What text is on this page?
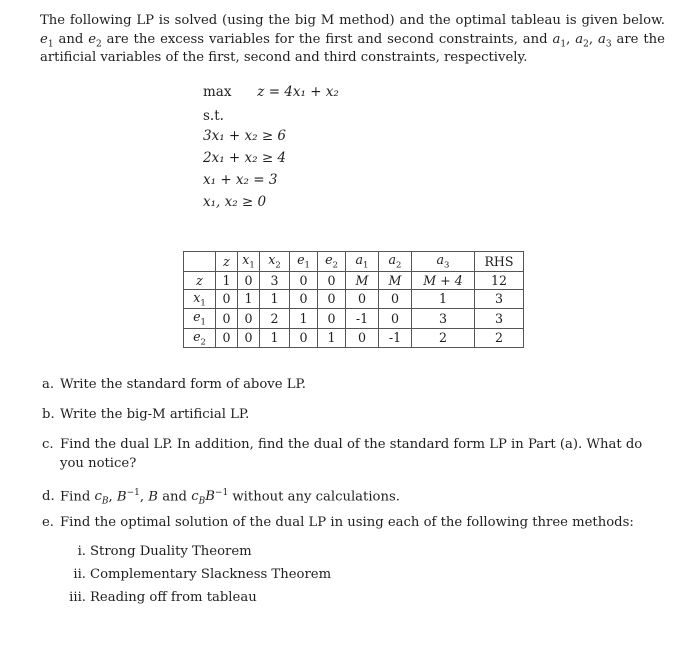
The following LP is solved (using the big M method) and the optimal tableau is given below. $e_1$ and $e_2$ are the excess variables for the first and second constraints, and $a_1$, $a_2$, $a_3$ are the artificial variables of the first, second and third constraints, respectively.
max z = 4x₁ + x₂
s.t.
3x₁ + x₂ ≥ 6
2x₁ + x₂ ≥ 4
x₁ + x₂ = 3
x₁, x₂ ≥ 0
	z	$x_1$	$x_2$	$e_1$	$e_2$	$a_1$	$a_2$	$a_3$	RHS
z	1	0	3	0	0	M	M	M + 4	12
$x_1$	0	1	1	0	0	0	0	1	3
$e_1$	0	0	2	1	0	-1	0	3	3
$e_2$	0	0	1	0	1	0	-1	2	2
a. Write the standard form of above LP.
b. Write the big-M artificial LP.
c. Find the dual LP. In addition, find the dual of the standard form LP in Part (a). What do you notice?
d. Find $c_B$, $B^{-1}$, B and $c_BB^{-1}$ without any calculations.
e. Find the optimal solution of the dual LP in using each of the following three methods:
i. Strong Duality Theorem
ii. Complementary Slackness Theorem
iii. Reading off from tableau
